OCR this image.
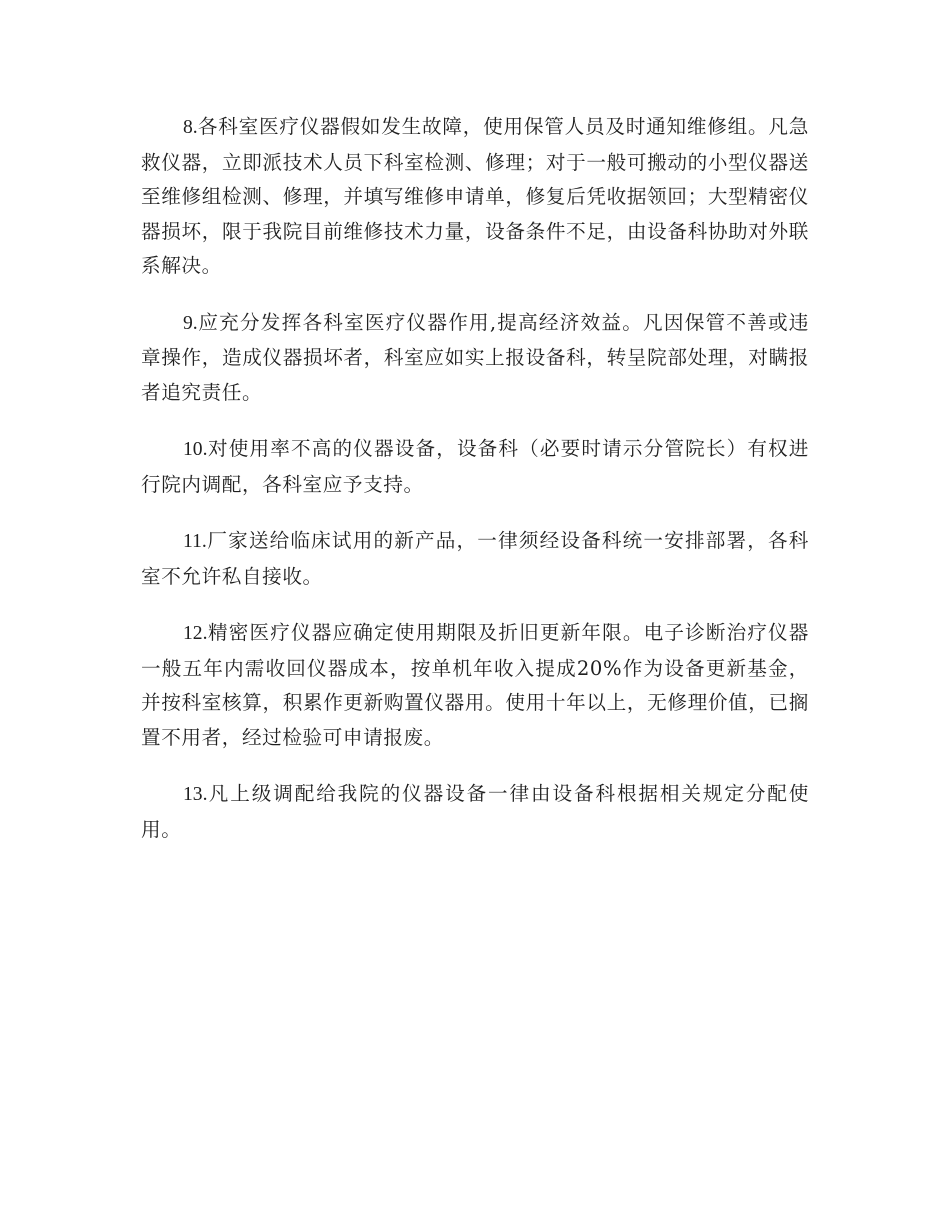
8.各科室医疗仪器假如发生故障，使用保管人员及时通知维修组。凡急救仪器，立即派技术人员下科室检测、修理；对于一般可搬动的小型仪器送至维修组检测、修理，并填写维修申请单，修复后凭收据领回；大型精密仪器损坏，限于我院目前维修技术力量，设备条件不足，由设备科协助对外联系解决。

9.应充分发挥各科室医疗仪器作用,提高经济效益。凡因保管不善或违章操作，造成仪器损坏者，科室应如实上报设备科，转呈院部处理，对瞒报者追究责任。

10.对使用率不高的仪器设备，设备科（必要时请示分管院长）有权进行院内调配，各科室应予支持。

11.厂家送给临床试用的新产品，一律须经设备科统一安排部署，各科室不允许私自接收。

12.精密医疗仪器应确定使用期限及折旧更新年限。电子诊断治疗仪器一般五年内需收回仪器成本，按单机年收入提成20%作为设备更新基金，并按科室核算，积累作更新购置仪器用。使用十年以上，无修理价值，已搁置不用者，经过检验可申请报废。

13.凡上级调配给我院的仪器设备一律由设备科根据相关规定分配使用。
